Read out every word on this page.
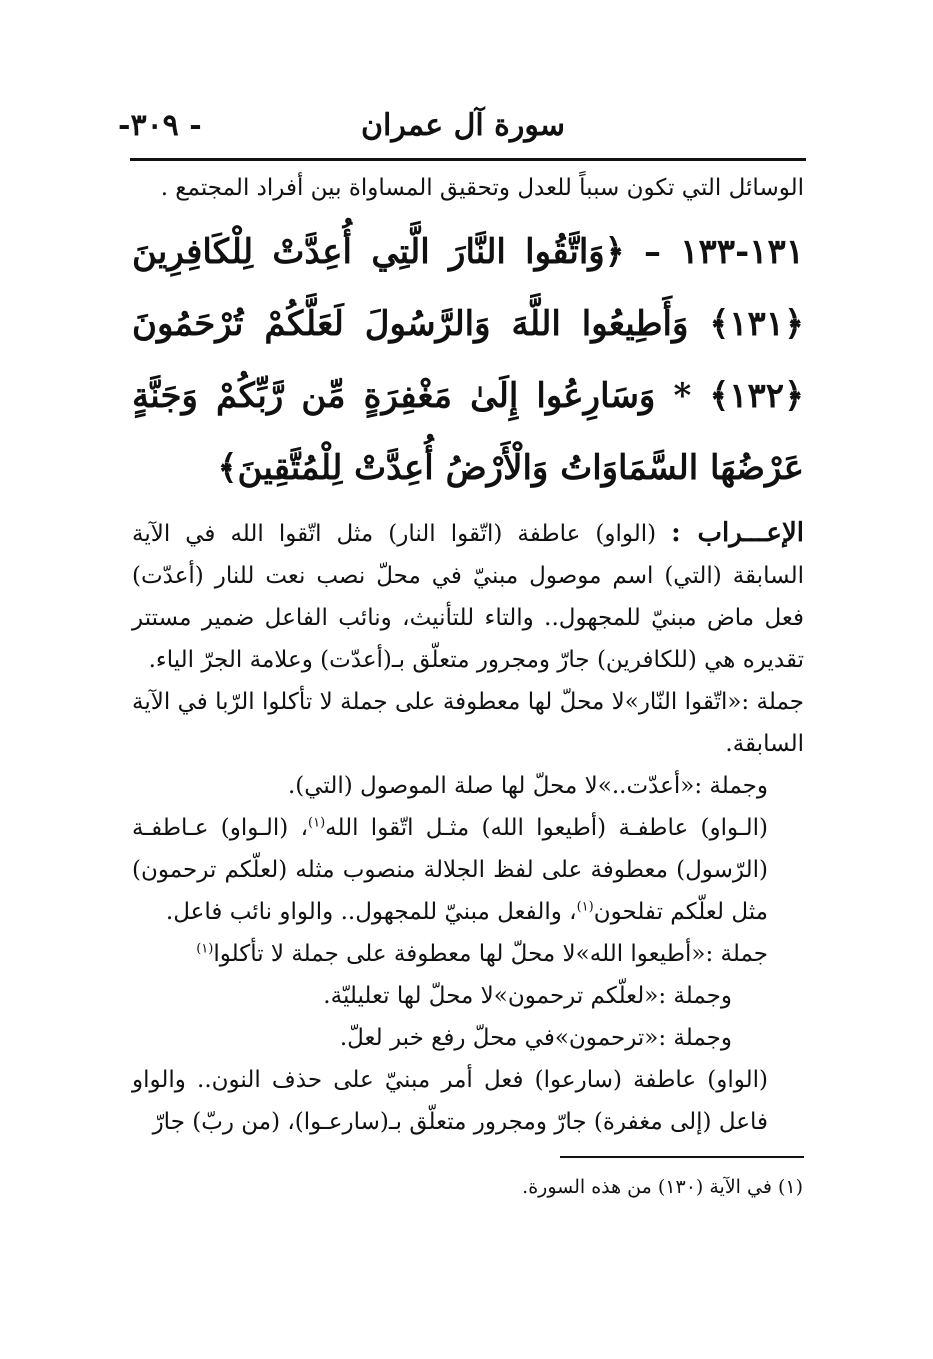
سورة آل عمران
-٣٠٩ -

الوسائل التي تكون سبباً للعدل وتحقيق المساواة بين أفراد المجتمع .

١٣١-١٣٣ – ﴿وَاتَّقُوا النَّارَ الَّتِي أُعِدَّتْ لِلْكَافِرِينَ ﴿١٣١﴾ وَأَطِيعُوا اللَّهَ وَالرَّسُولَ لَعَلَّكُمْ تُرْحَمُونَ ﴿١٣٢﴾ * وَسَارِعُوا إِلَىٰ مَغْفِرَةٍ مِّن رَّبِّكُمْ وَجَنَّةٍ عَرْضُهَا السَّمَاوَاتُ وَالْأَرْضُ أُعِدَّتْ لِلْمُتَّقِينَ﴾

الإعـــراب : (الواو) عاطفة (اتّقوا النار) مثل اتّقوا الله في الآية السابقة (التي) اسم موصول مبنيّ في محلّ نصب نعت للنار (أعدّت) فعل ماض مبنيّ للمجهول.. والتاء للتأنيث، ونائب الفاعل ضمير مستتر تقديره هي (للكافرين) جارّ ومجرور متعلّق بـ(أعدّت) وعلامة الجرّ الياء.

جملة :«اتّقوا النّار»لا محلّ لها معطوفة على جملة لا تأكلوا الرّبا في الآية السابقة.

وجملة :«أعدّت..»لا محلّ لها صلة الموصول (التي).

(الـواو) عاطفـة (أطيعوا الله) مثـل اتّقوا الله$^{(١)}$، (الـواو) عـاطفـة (الرّسول) معطوفة على لفظ الجلالة منصوب مثله (لعلّكم ترحمون) مثل لعلّكم تفلحون$^{(١)}$، والفعل مبنيّ للمجهول.. والواو نائب فاعل.

جملة :«أطيعوا الله»لا محلّ لها معطوفة على جملة لا تأكلوا$^{(١)}$

وجملة :«لعلّكم ترحمون»لا محلّ لها تعليليّة.

وجملة :«ترحمون»في محلّ رفع خبر لعلّ.

(الواو) عاطفة (سارعوا) فعل أمر مبنيّ على حذف النون.. والواو فاعل (إلى مغفرة) جارّ ومجرور متعلّق بـ(سارعـوا)، (من ربّ) جارّ

(١) في الآية (١٣٠) من هذه السورة.
